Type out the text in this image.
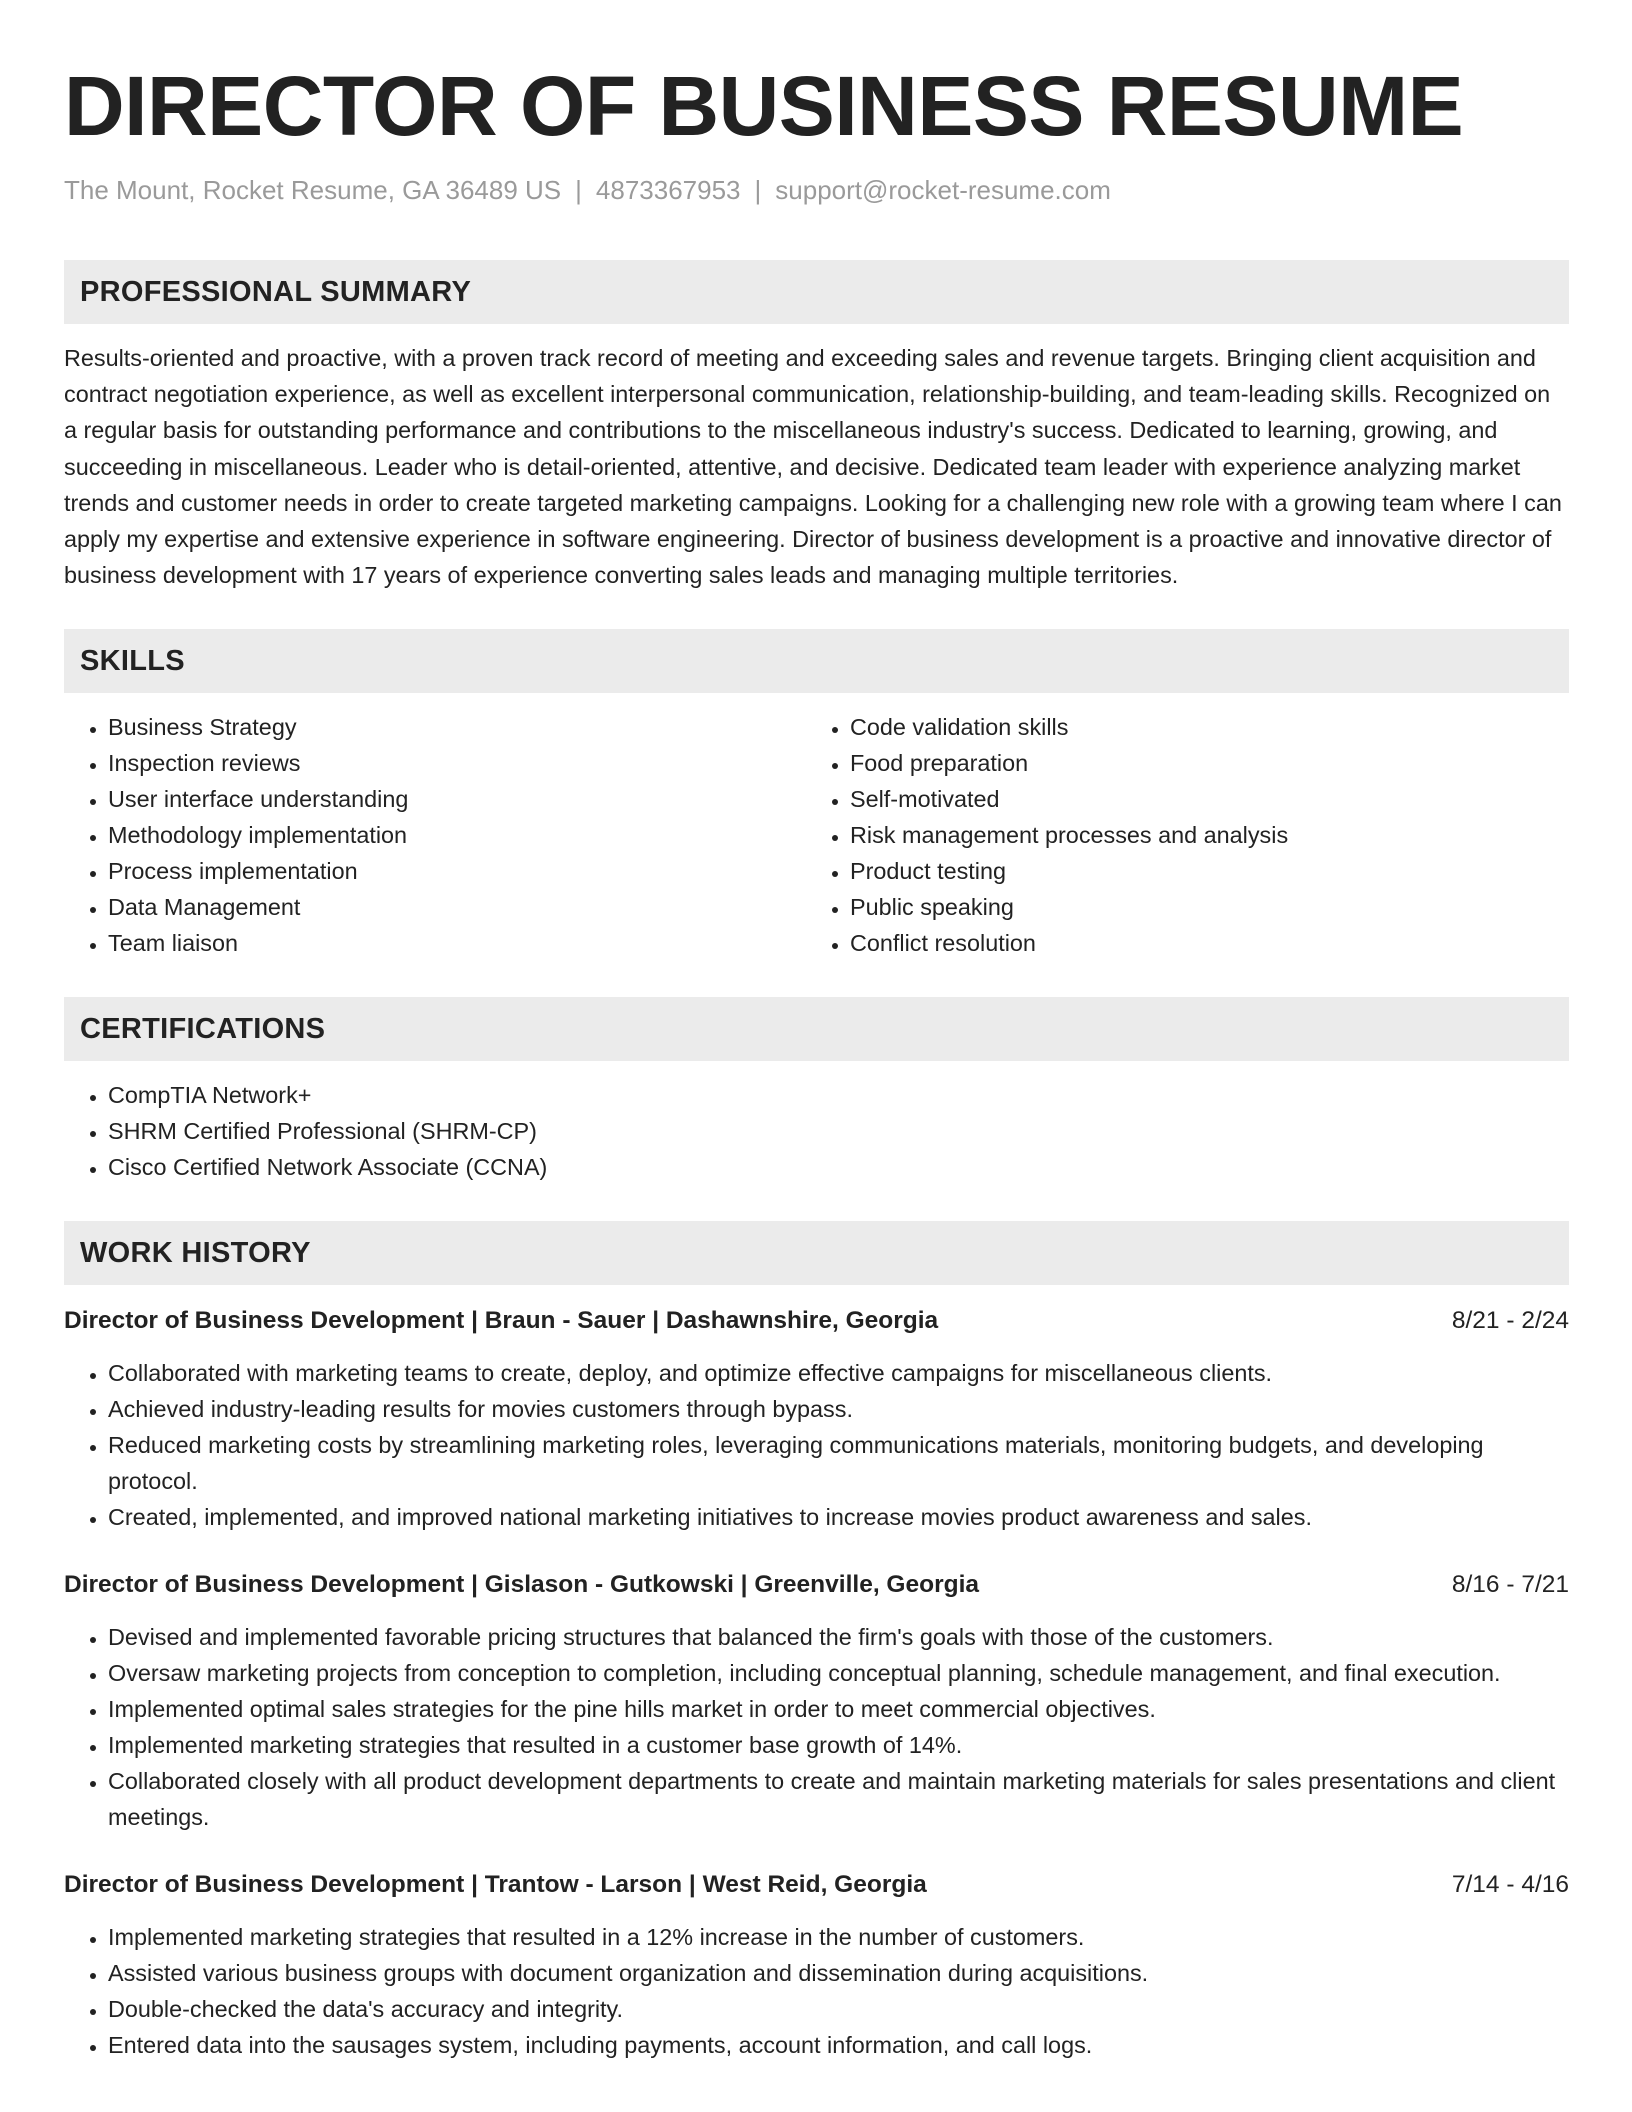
DIRECTOR OF BUSINESS RESUME
The Mount, Rocket Resume, GA 36489 US | 4873367953 | support@rocket-resume.com
PROFESSIONAL SUMMARY

Results-oriented and proactive, with a proven track record of meeting and exceeding sales and revenue targets. Bringing client acquisition and contract negotiation experience, as well as excellent interpersonal communication, relationship-building, and team-leading skills. Recognized on a regular basis for outstanding performance and contributions to the miscellaneous industry's success. Dedicated to learning, growing, and succeeding in miscellaneous. Leader who is detail-oriented, attentive, and decisive. Dedicated team leader with experience analyzing market trends and customer needs in order to create targeted marketing campaigns. Looking for a challenging new role with a growing team where I can apply my expertise and extensive experience in software engineering. Director of business development is a proactive and innovative director of business development with 17 years of experience converting sales leads and managing multiple territories.

SKILLS
• Business Strategy
• Inspection reviews
• User interface understanding
• Methodology implementation
• Process implementation
• Data Management
• Team liaison
• Code validation skills
• Food preparation
• Self-motivated
• Risk management processes and analysis
• Product testing
• Public speaking
• Conflict resolution
CERTIFICATIONS
• CompTIA Network+
• SHRM Certified Professional (SHRM-CP)
• Cisco Certified Network Associate (CCNA)
WORK HISTORY
Director of Business Development | Braun - Sauer | Dashawnshire, Georgia	8/21 - 2/24
• Collaborated with marketing teams to create, deploy, and optimize effective campaigns for miscellaneous clients.
• Achieved industry-leading results for movies customers through bypass.
• Reduced marketing costs by streamlining marketing roles, leveraging communications materials, monitoring budgets, and developing protocol.
• Created, implemented, and improved national marketing initiatives to increase movies product awareness and sales.
Director of Business Development | Gislason - Gutkowski | Greenville, Georgia	8/16 - 7/21
• Devised and implemented favorable pricing structures that balanced the firm's goals with those of the customers.
• Oversaw marketing projects from conception to completion, including conceptual planning, schedule management, and final execution.
• Implemented optimal sales strategies for the pine hills market in order to meet commercial objectives.
• Implemented marketing strategies that resulted in a customer base growth of 14%.
• Collaborated closely with all product development departments to create and maintain marketing materials for sales presentations and client meetings.
Director of Business Development | Trantow - Larson | West Reid, Georgia	7/14 - 4/16
• Implemented marketing strategies that resulted in a 12% increase in the number of customers.
• Assisted various business groups with document organization and dissemination during acquisitions.
• Double-checked the data's accuracy and integrity.
• Entered data into the sausages system, including payments, account information, and call logs.
